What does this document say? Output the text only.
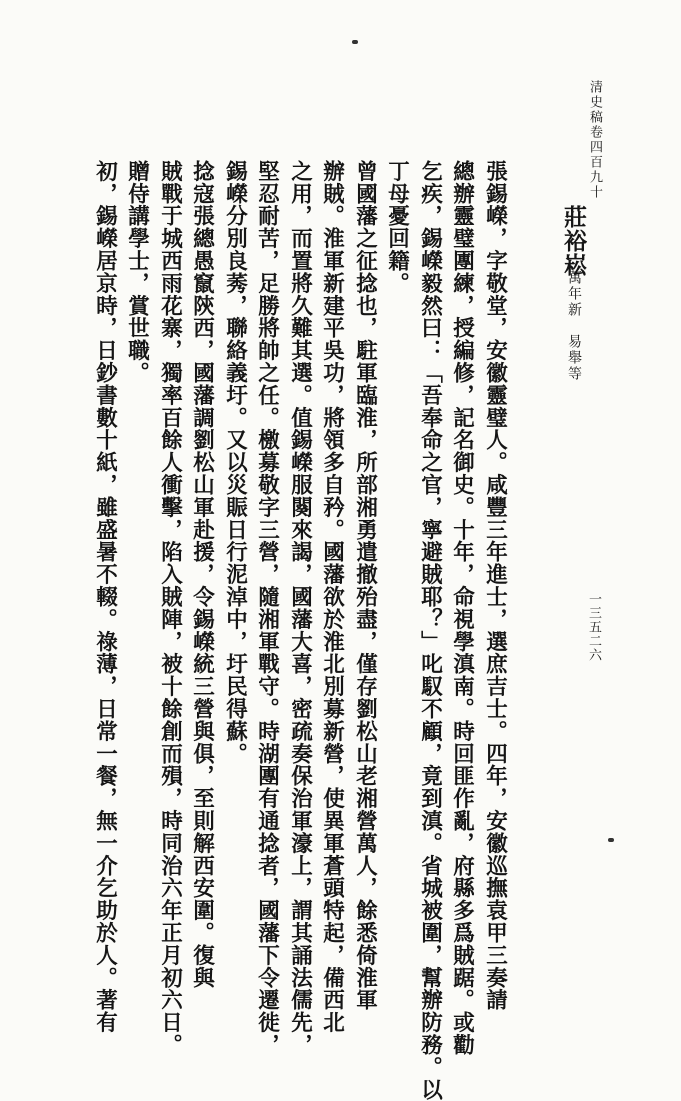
清史稿卷四百九十
一三五二六
莊裕崧
萬年新　易舉等
張錫嶸，字敬堂，安徽靈璧人。咸豐三年進士，選庶吉士。四年，安徽巡撫袁甲三奏請
總辦靈璧團練，授編修，記名御史。十年，命視學滇南。時回匪作亂，府縣多爲賊踞。或勸
乞疾，錫嶸毅然曰：「吾奉命之官，寧避賊耶？」叱馭不顧，竟到滇。省城被圍，幫辦防務。以
丁母憂回籍。
曾國藩之征捻也，駐軍臨淮，所部湘勇遣撤殆盡，僅存劉松山老湘營萬人，餘悉倚淮軍
辦賊。淮軍新建平吳功，將領多自矜。國藩欲於淮北別募新營，使異軍蒼頭特起，備西北
之用，而置將久難其選。值錫嶸服闋來謁，國藩大喜，密疏奏保治軍濠上，謂其誦法儒先，
堅忍耐苦，足勝將帥之任。檄募敬字三營，隨湘軍戰守。時湖團有通捻者，國藩下令遷徙，
錫嶸分別良莠，聯絡義圩。又以災賑日行泥淖中，圩民得蘇。
捻寇張總愚竄陝西，國藩調劉松山軍赴援，令錫嶸統三營與俱，至則解西安圍。復與
賊戰于城西雨花寨，獨率百餘人衝擊，陷入賊陣，被十餘創而殞，時同治六年正月初六日。
贈侍講學士，賞世職。
初，錫嶸居京時，日鈔書數十紙，雖盛暑不輟。祿薄，日常一餐，無一介乞助於人。著有
